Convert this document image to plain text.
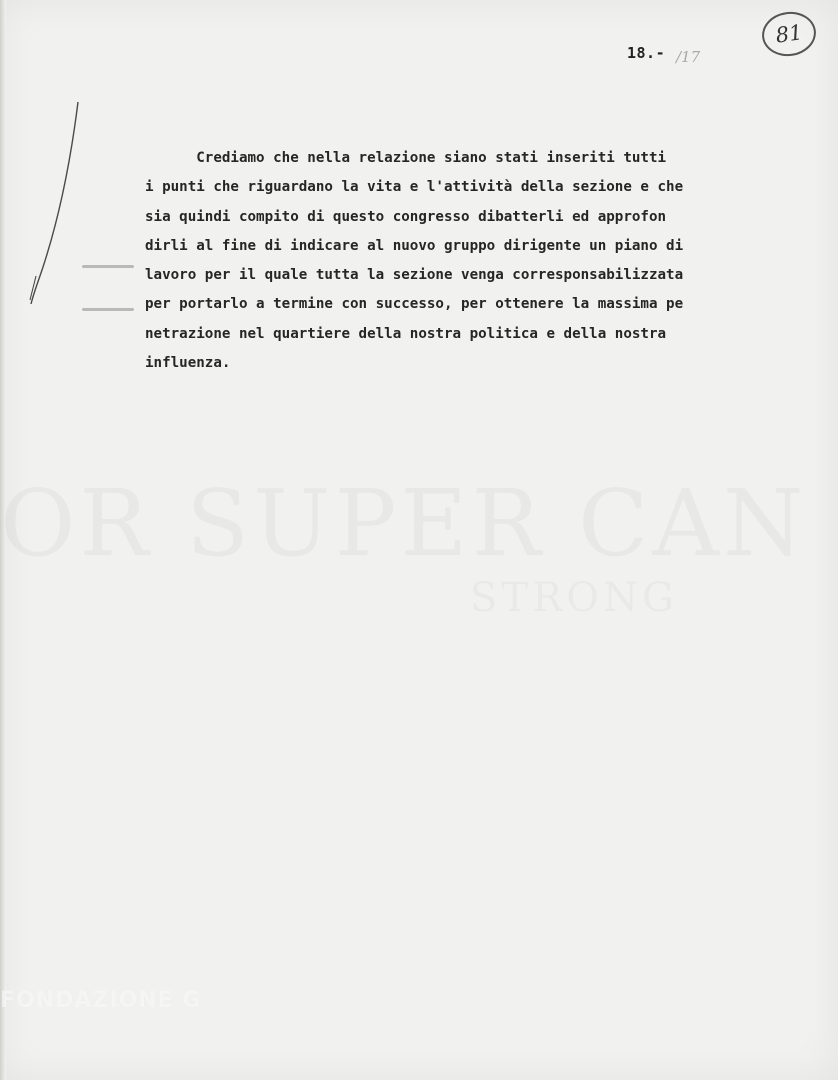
18.- /17
81
Crediamo che nella relazione siano stati inseriti tutti
i punti che riguardano la vita e l'attività della sezione e che
sia quindi compito di questo congresso dibatterli ed approfon
dirli al fine di indicare al nuovo gruppo dirigente un piano di
lavoro per il quale tutta la sezione venga corresponsabilizzata
per portarlo a termine con successo, per ottenere la massima pe
netrazione nel quartiere della nostra politica e della nostra
influenza.
FONDAZIONE G
